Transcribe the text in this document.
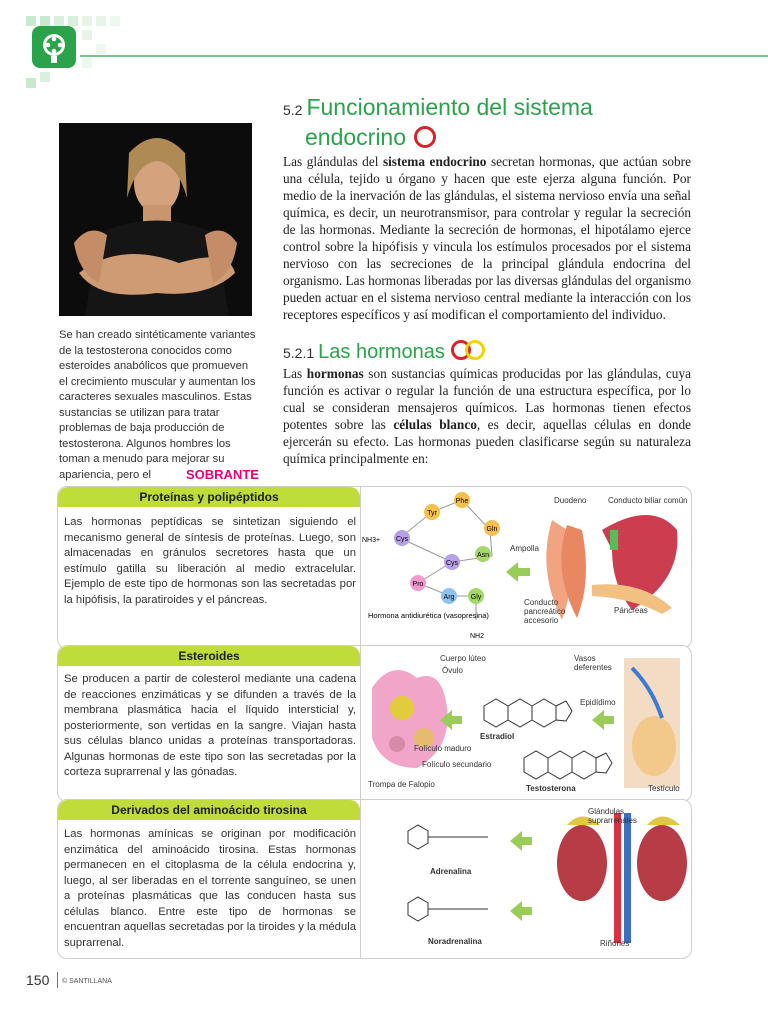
5.2 Funcionamiento del sistema
endocrino
Las glándulas del sistema endocrino secretan hormonas, que actúan sobre una célula, tejido u órgano y hacen que este ejerza alguna función. Por medio de la inervación de las glándulas, el sistema nervioso envía una señal química, es decir, un neurotransmisor, para controlar y regular la secreción de las hormonas. Mediante la secreción de hormonas, el hipotálamo ejerce control sobre la hipófisis y vincula los estímulos procesados por el sistema nervioso con las secreciones de la principal glándula endocrina del organismo. Las hormonas liberadas por las diversas glándulas del organismo pueden actuar en el sistema nervioso central mediante la interacción con los receptores específicos y así modifican el comportamiento del individuo.
5.2.1 Las hormonas
Las hormonas son sustancias químicas producidas por las glándulas, cuya función es activar o regular la función de una estructura específica, por lo cual se consideran mensajeros químicos. Las hormonas tienen efectos potentes sobre las células blanco, es decir, aquellas células en donde ejercerán su efecto. Las hormonas pueden clasificarse según su naturaleza química principalmente en:
Se han creado sintéticamente variantes de la testosterona conocidos como esteroides anabólicos que promueven el crecimiento muscular y aumentan los caracteres sexuales masculinos. Estas sustancias se utilizan para tratar problemas de baja producción de testosterona. Algunos hombres los toman a menudo para mejorar su apariencia, pero el	SOBRANTE
Proteínas y polipéptidos
Las hormonas peptídicas se sintetizan siguiendo el mecanismo general de síntesis de proteínas. Luego, son almacenadas en gránulos secretores hasta que un estímulo gatilla su liberación al medio extracelular. Ejemplo de este tipo de hormonas son las secretadas por la hipófisis, la paratiroides y el páncreas.
Esteroides
Se producen a partir de colesterol mediante una cadena de reacciones enzimáticas y se difunden a través de la membrana plasmática hacia el líquido intersticial y, posteriormente, son vertidas en la sangre. Viajan hasta sus células blanco unidas a proteínas transportadoras. Algunas hormonas de este tipo son las secretadas por la corteza suprarrenal y las gónadas.
Derivados del aminoácido tirosina
Las hormonas amínicas se originan por modificación enzimática del aminoácido tirosina. Estas hormonas permanecen en el citoplasma de la célula endocrina y, luego, al ser liberadas en el torrente sanguíneo, se unen a proteínas plasmáticas que las conducen hasta sus células blanco. Entre este tipo de hormonas se encuentran aquellas secretadas por la tiroides y la médula suprarrenal.
Phe
Tyr
Gln
Cys
Cys
Asn
Pro
Arg Gly
NH3+
NH2
Hormona antidiurética (vasopresina)
Duodeno	Conducto biliar común
Ampolla
Conducto pancreático accesorio
Páncreas
Cuerpo lúteo
Óvulo
Folículo maduro
Folículo secundario
Trompa de Falopio
Estradiol
Testosterona
Vasos deferentes
Epidídimo
Testículo
Adrenalina
Noradrenalina
Glándulas suprarrenales
Riñones
150 © SANTILLANA
